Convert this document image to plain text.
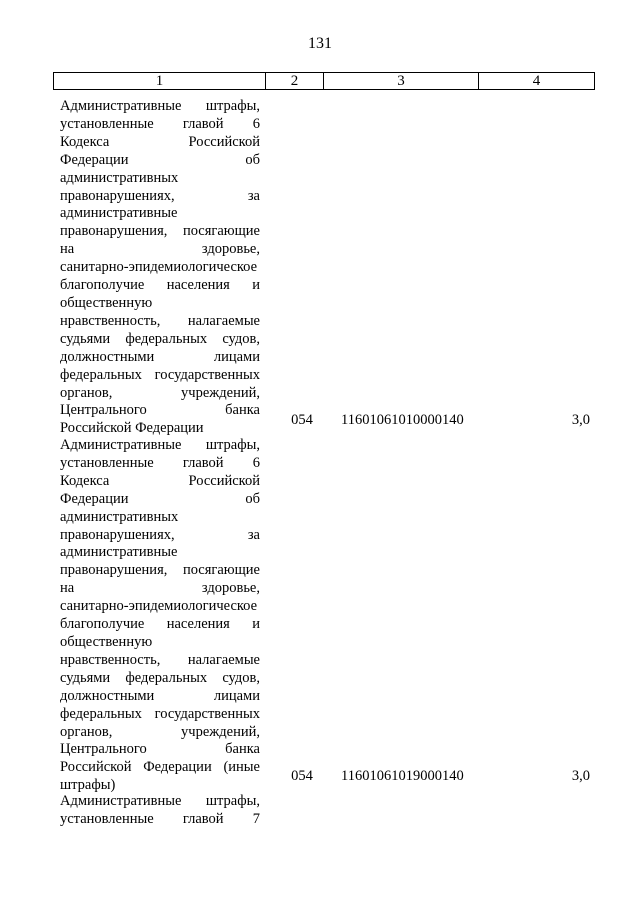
131
1	2	3	4
Административные штрафы,
установленные главой 6
Кодекса	Российской
Федерации	об
административных
правонарушениях,	за
административные
правонарушения, посягающие
на	здоровье,
санитарно-эпидемиологическое
благополучие населения и
общественную
нравственность, налагаемые
судьями федеральных судов,
должностными	лицами
федеральных государственных
органов,	учреждений,
Центрального	банка
Российской Федерации
054 11601061010000140	3,0
Административные штрафы,
установленные главой 6
Кодекса	Российской
Федерации	об
административных
правонарушениях,	за
административные
правонарушения, посягающие
на	здоровье,
санитарно-эпидемиологическое
благополучие населения и
общественную
нравственность, налагаемые
судьями федеральных судов,
должностными	лицами
федеральных государственных
органов,	учреждений,
Центрального	банка
Российской Федерации (иные
штрафы)
054 11601061019000140	3,0
Административные штрафы,
установленные главой 7
